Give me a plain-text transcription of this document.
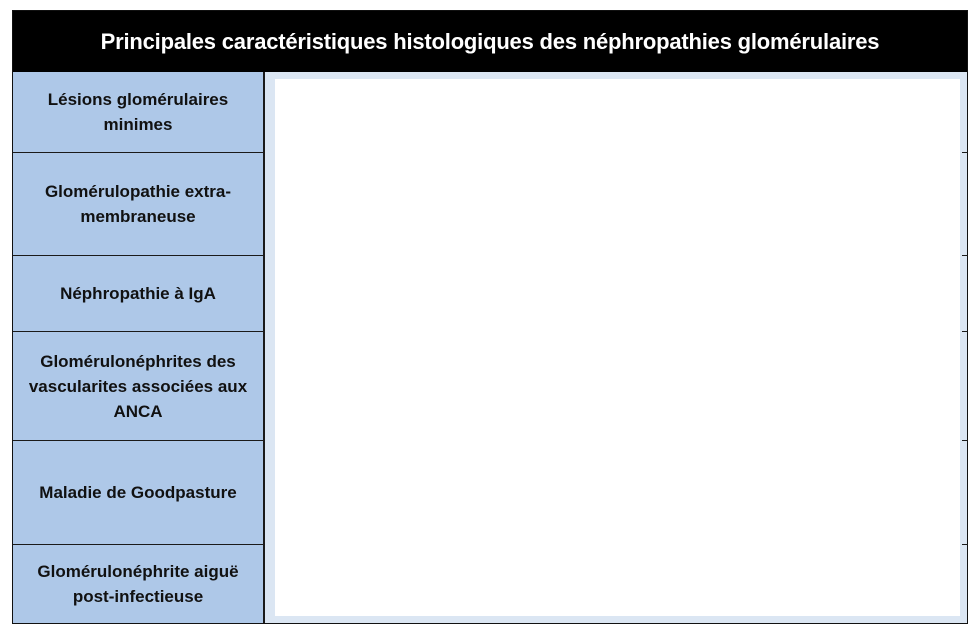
Principales caractéristiques histologiques des néphropathies glomérulaires
Lésions glomérulaires minimes
Glomérulopathie extra-membraneuse
Néphropathie à IgA
Glomérulonéphrites des vascularites associées aux ANCA
Maladie de Goodpasture
Glomérulonéphrite aiguë post-infectieuse
